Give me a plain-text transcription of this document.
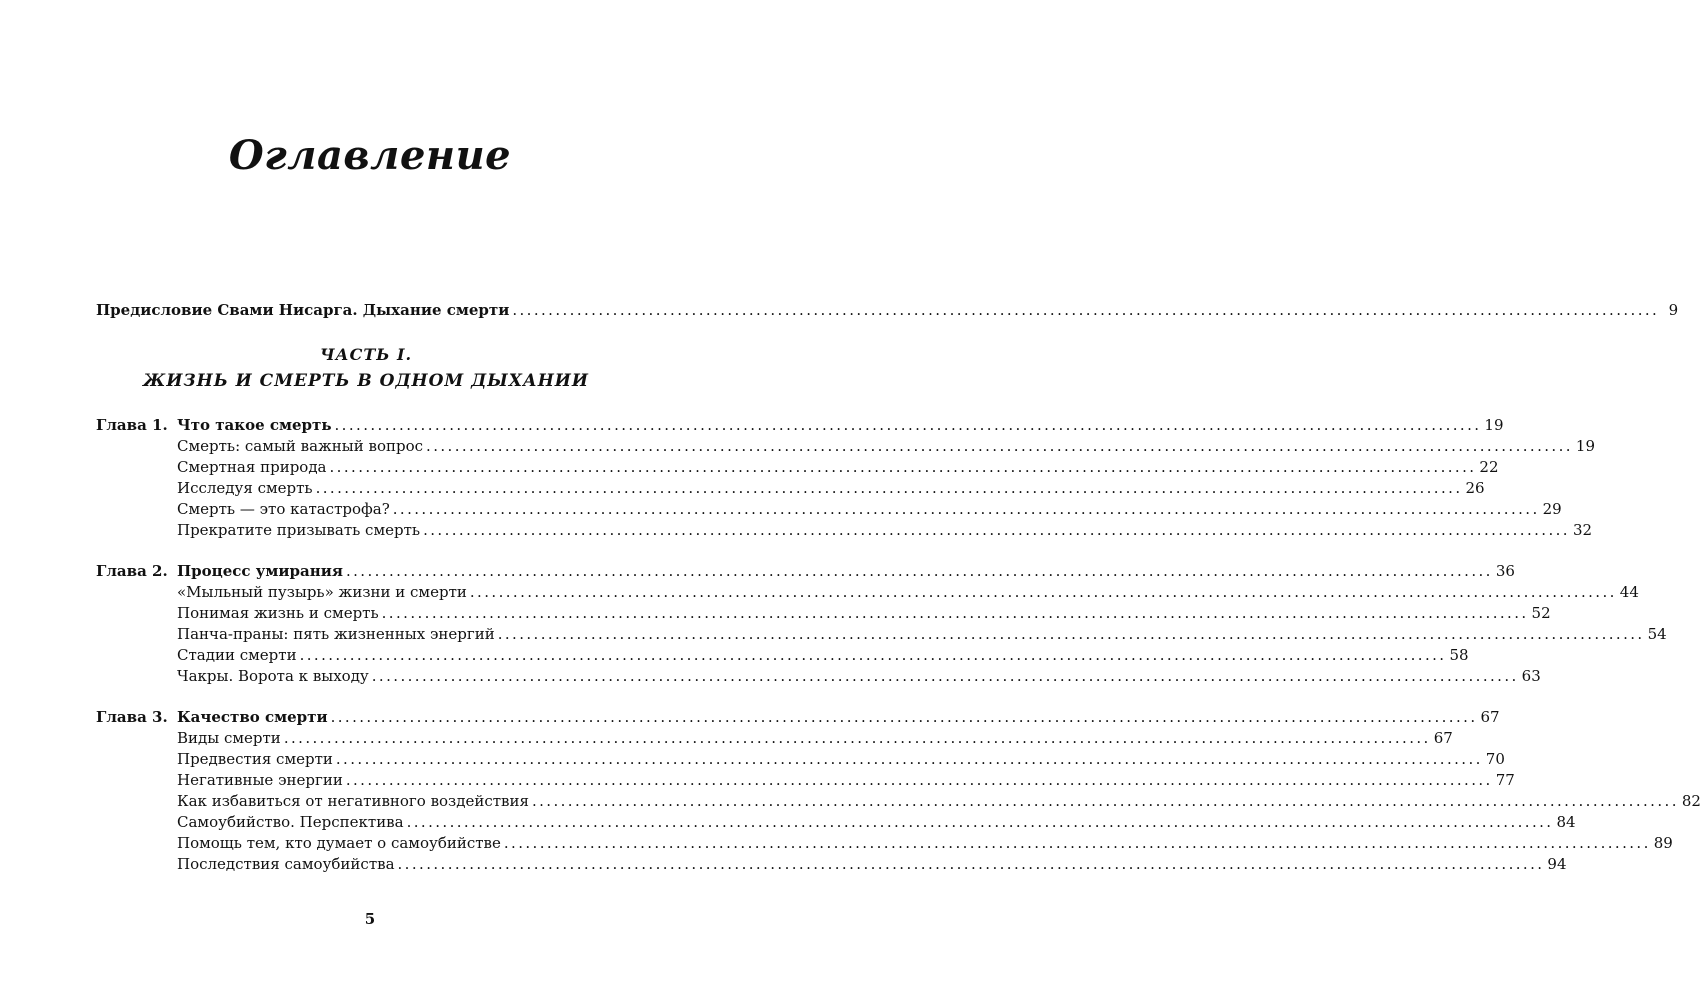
Оглавление
Предисловие Свами Нисарга. Дыхание смерти ................................................................................................................................................................ 9
ЧАСТЬ I.
ЖИЗНЬ И СМЕРТЬ В ОДНОМ ДЫХАНИИ
Глава 1. Что такое смерть ................................................................................................................................................................ 19
Смерть: самый важный вопрос ................................................................................................................................................................ 19
Смертная природа ................................................................................................................................................................ 22
Исследуя смерть ................................................................................................................................................................ 26
Смерть — это катастрофа? ................................................................................................................................................................ 29
Прекратите призывать смерть ................................................................................................................................................................ 32
Глава 2. Процесс умирания ................................................................................................................................................................ 36
«Мыльный пузырь» жизни и смерти ................................................................................................................................................................ 44
Понимая жизнь и смерть ................................................................................................................................................................ 52
Панча-праны: пять жизненных энергий ................................................................................................................................................................ 54
Стадии смерти ................................................................................................................................................................ 58
Чакры. Ворота к выходу ................................................................................................................................................................ 63
Глава 3. Качество смерти ................................................................................................................................................................ 67
Виды смерти ................................................................................................................................................................ 67
Предвестия смерти ................................................................................................................................................................ 70
Негативные энергии ................................................................................................................................................................ 77
Как избавиться от негативного воздействия ................................................................................................................................................................ 82
Самоубийство. Перспектива ................................................................................................................................................................ 84
Помощь тем, кто думает о самоубийстве ................................................................................................................................................................ 89
Последствия самоубийства ................................................................................................................................................................ 94
5
